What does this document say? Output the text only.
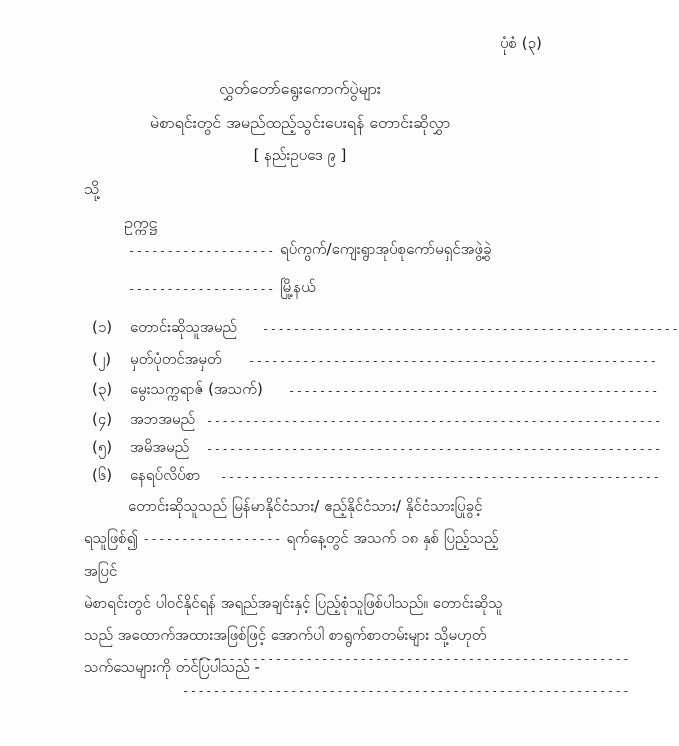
ပုံစံ (၃)
လွှတ်တော်ရွေးကောက်ပွဲများ
မဲစာရင်းတွင် အမည်ထည့်သွင်းပေးရန် တောင်းဆိုလွှာ
[ နည်းဥပဒေ ၉ ]
သို့
ဥက္ကဋ္ဌ
------------------- ရပ်ကွက်/ကျေးရွာအုပ်စုကော်မရှင်အဖွဲ့ခွဲ
------------------- မြို့နယ်
(၁) တောင်းဆိုသူအမည် ------------------------------------------------------
(၂) မှတ်ပုံတင်အမှတ် -----------------------------------------------------
(၃) မွေးသက္ကရာဇ် (အသက်) ------------------------------------------------
(၄) အဘအမည် -----------------------------------------------------------
(၅) အမိအမည် -----------------------------------------------------------
(၆) နေရပ်လိပ်စာ ---------------------------------------------------------
တောင်းဆိုသူသည် မြန်မာနိုင်ငံသား/ ဧည့်နိုင်ငံသား/ နိုင်ငံသားပြုခွင့်
ရသူဖြစ်၍ ------------------ ရက်နေ့တွင် အသက် ၁၈ နှစ် ပြည့်သည့်အပြင်
မဲစာရင်းတွင် ပါဝင်နိုင်ရန် အရည်အချင်းနှင့် ပြည့်စုံသူဖြစ်ပါသည်။ တောင်းဆိုသူ
သည် အထောက်အထားအဖြစ်ဖြင့် အောက်ပါ စာရွက်စာတမ်းများ သို့မဟုတ်
သက်သေများကို တင်ပြပါသည် -
----------------------------------------------------------
----------------------------------------------------------
